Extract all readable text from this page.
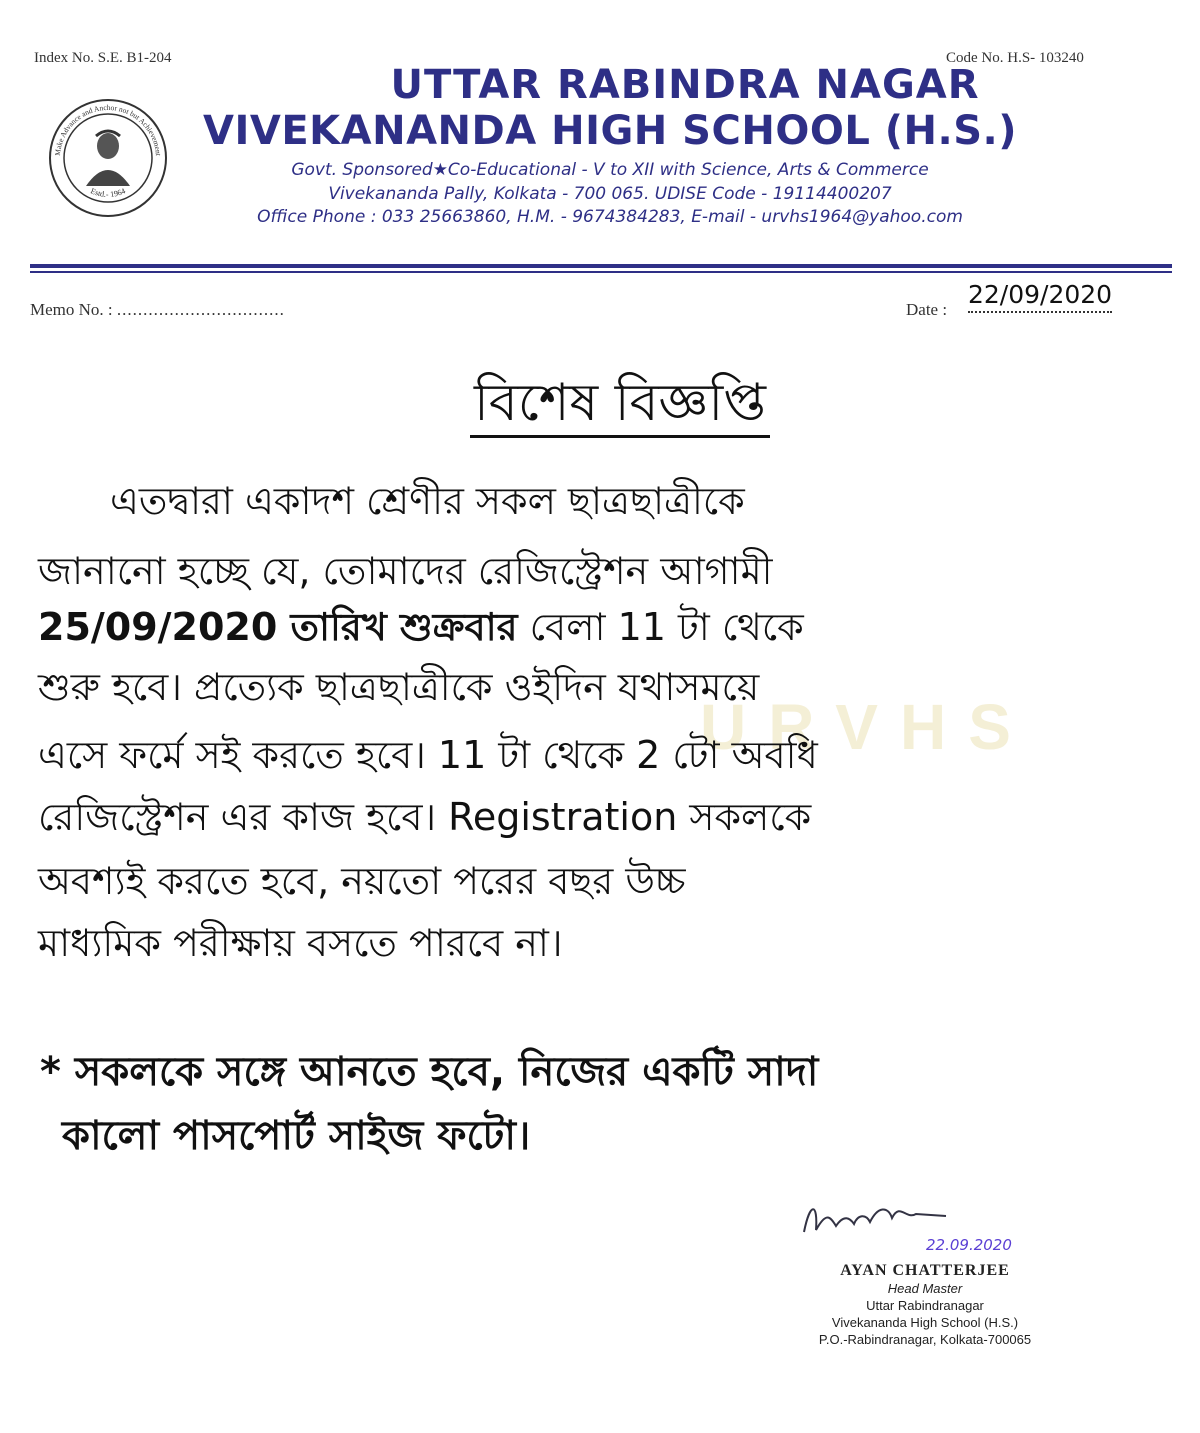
Index No. S.E. B1-204	Code No. H.S- 103240
Make Advance and Anchor not but Achievement
Estd.- 1964
UTTAR RABINDRA NAGAR
VIVEKANANDA HIGH SCHOOL (H.S.)
Govt. Sponsored★Co-Educational - V to XII with Science, Arts & Commerce
Vivekananda Pally, Kolkata - 700 065. UDISE Code - 19114400207
Office Phone : 033 25663860, H.M. - 9674384283, E-mail - urvhs1964@yahoo.com
Memo No. : ................................	Date :
22/09/2020
URVHS
বিশেষ বিজ্ঞপ্তি
এতদ্বারা একাদশ শ্রেণীর সকল ছাত্রছাত্রীকে
জানানো হচ্ছে যে, তোমাদের রেজিস্ট্রেশন আগামী
25/09/2020 তারিখ শুক্রবার বেলা 11 টা থেকে
শুরু হবে। প্রত্যেক ছাত্রছাত্রীকে ওইদিন যথাসময়ে
এসে ফর্মে সই করতে হবে। 11 টা থেকে 2 টো অবধি
রেজিস্ট্রেশন এর কাজ হবে। Registration সকলকে
অবশ্যই করতে হবে, নয়তো পরের বছর উচ্চ
মাধ্যমিক পরীক্ষায় বসতে পারবে না।
* সকলকে সঙ্গে আনতে হবে, নিজের একটি সাদা
কালো পাসপোর্ট সাইজ ফটো।
22.09.2020
AYAN CHATTERJEE
Head Master
Uttar Rabindranagar
Vivekananda High School (H.S.)
P.O.-Rabindranagar, Kolkata-700065
